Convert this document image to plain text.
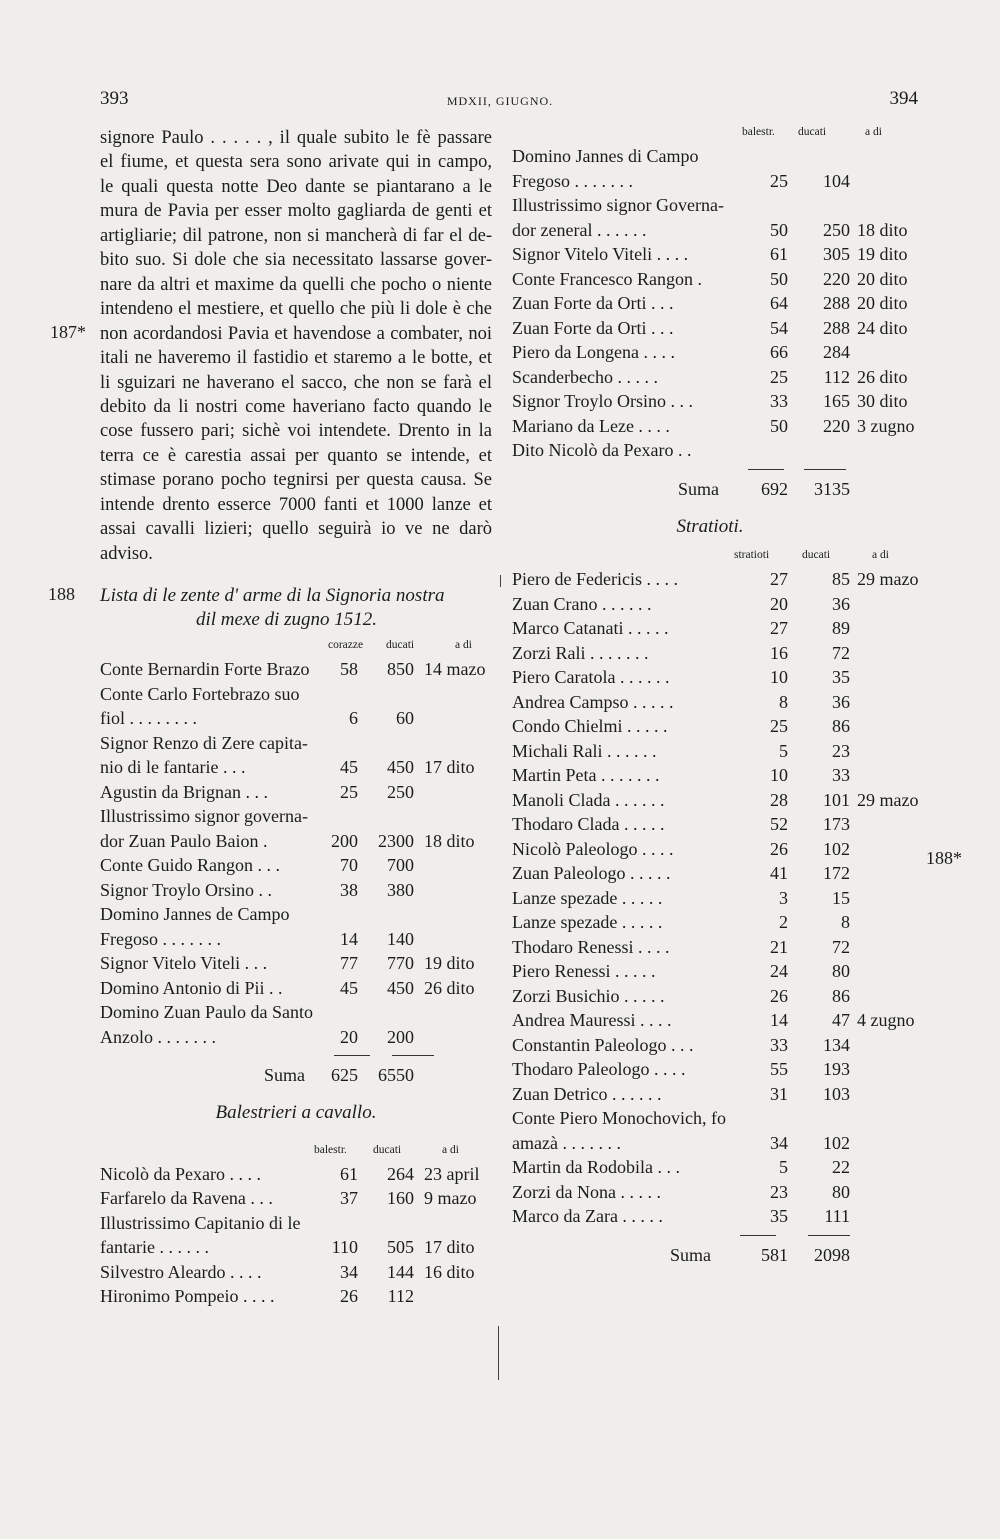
393	MDXII, GIUGNO.	394
signore Paulo . . . . . , il quale subito le fè passare
el fiume, et questa sera sono arivate qui in campo,
le quali questa notte Deo dante se piantarano a le
mura de Pavia per esser molto gagliarda de genti et
artigliarie; dil patrone, non si mancherà di far el de-
bito suo. Si dole che sia necessitato lassarse gover-
nare da altri et maxime da quelli che pocho o niente
intendeno el mestiere, et quello che più li dole è che
non acordandosi Pavia et havendose a combater, noi
itali ne haveremo il fastidio et staremo a le botte, et
li sguizari ne haverano el sacco, che non se farà el
debito da li nostri come haveriano facto quando le
cose fussero pari; sichè voi intendete. Drento in la
terra ce è carestia assai per quanto se intende, et
stimase porano pocho tegnirsi per questa causa. Se
intende drento esserce 7000 fanti et 1000 lanze et
assai cavalli lizieri; quello seguirà io ve ne darò
adviso.
187*
188 Lista di le zente d' arme di la Signoria nostra
dil mexe di zugno 1512.
corazze ducati	a di
Conte Bernardin Forte Brazo	58	850 14 mazo
Conte Carlo Fortebrazo suo
fiol . . . . . . . .	6	60
Signor Renzo di Zere capita-
nio di le fantarie . . .	45	450 17 dito
Agustin da Brignan . . .	25	250
Illustrissimo signor governa-
dor Zuan Paulo Baion .	200	2300 18 dito
Conte Guido Rangon . . .	70	700
Signor Troylo Orsino . .	38	380
Domino Jannes de Campo
Fregoso . . . . . . .	14	140
Signor Vitelo Viteli . . .	77	770 19 dito
Domino Antonio di Pii . .	45	450 26 dito
Domino Zuan Paulo da Santo
Anzolo . . . . . . .	20	200
Suma	625	6550
Balestrieri a cavallo.
balestr. ducati	a di
Nicolò da Pexaro . . . .	61	264 23 april
Farfarelo da Ravena . . .	37	160 9 mazo
Illustrissimo Capitanio di le
fantarie . . . . . .	110	505 17 dito
Silvestro Aleardo . . . .	34	144 16 dito
Hironimo Pompeio . . . .	26	112
balestr. ducati	a di
Domino Jannes di Campo
Fregoso . . . . . . .	25	104
Illustrissimo signor Governa-
dor zeneral . . . . . .	50	250 18 dito
Signor Vitelo Viteli . . . .	61	305 19 dito
Conte Francesco Rangon .	50	220 20 dito
Zuan Forte da Orti . . .	64	288 20 dito
Zuan Forte da Orti . . .	54	288 24 dito
Piero da Longena . . . .	66	284
Scanderbecho . . . . .	25	112 26 dito
Signor Troylo Orsino . . .	33	165 30 dito
Mariano da Leze . . . .	50	220 3 zugno
Dito Nicolò da Pexaro . .
Suma	692	3135
Stratioti.
stratioti	ducati	a di
Piero de Federicis . . . .	27	85 29 mazo
Zuan Crano . . . . . .	20	36
Marco Catanati . . . . .	27	89
Zorzi Rali . . . . . . .	16	72
Piero Caratola . . . . . .	10	35
Andrea Campso . . . . .	8	36
Condo Chielmi . . . . .	25	86
Michali Rali . . . . . .	5	23
Martin Peta . . . . . . .	10	33
Manoli Clada . . . . . .	28	101 29 mazo
Thodaro Clada . . . . .	52	173
Nicolò Paleologo . . . .	26	102
Zuan Paleologo . . . . .	41	172
Lanze spezade . . . . .	3	15
Lanze spezade . . . . .	2	8
Thodaro Renessi . . . .	21	72
Piero Renessi . . . . .	24	80
Zorzi Busichio . . . . .	26	86
Andrea Mauressi . . . .	14	47 4 zugno
Constantin Paleologo . . .	33	134
Thodaro Paleologo . . . .	55	193
Zuan Detrico . . . . . .	31	103
Conte Piero Monochovich, fo
amazà . . . . . . .	34	102
Martin da Rodobila . . .	5	22
Zorzi da Nona . . . . .	23	80
Marco da Zara . . . . .	35	111
Suma	581	2098
188*
